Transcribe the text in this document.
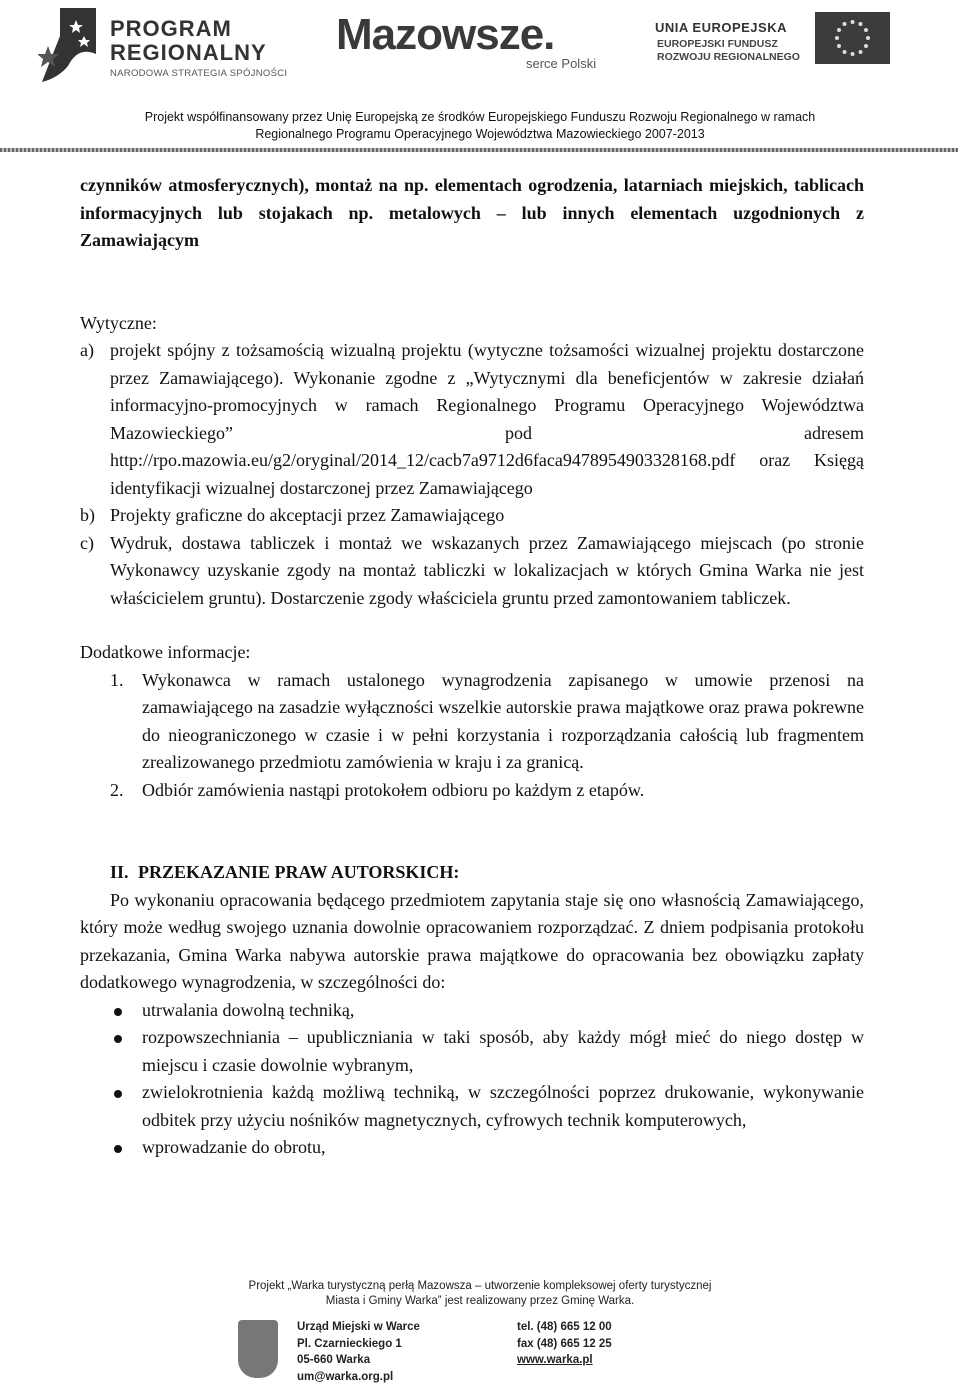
PROGRAM
REGIONALNY
NARODOWA STRATEGIA SPÓJNOŚCI
Mazowsze.
serce Polski
UNIA EUROPEJSKA
EUROPEJSKI FUNDUSZ
ROZWOJU REGIONALNEGO
Projekt współfinansowany przez Unię Europejską ze środków Europejskiego Funduszu Rozwoju Regionalnego w ramach
Regionalnego Programu Operacyjnego Województwa Mazowieckiego 2007-2013

czynników atmosferycznych), montaż na np. elementach ogrodzenia, latarniach miejskich, tablicach informacyjnych lub stojakach np. metalowych – lub innych elementach uzgodnionych z Zamawiającym

Wytyczne:

a) projekt spójny z tożsamością wizualną projektu (wytyczne tożsamości wizualnej projektu dostarczone przez Zamawiającego). Wykonanie zgodne z „Wytycznymi dla beneficjentów w zakresie działań informacyjno-promocyjnych w ramach Regionalnego Programu Operacyjnego Województwa Mazowieckiego” pod adresem http://rpo.mazowia.eu/g2/oryginal/2014_12/cacb7a9712d6faca9478954903328168.pdf oraz Księgą identyfikacji wizualnej dostarczonej przez Zamawiającego

b) Projekty graficzne do akceptacji przez Zamawiającego

c) Wydruk, dostawa tabliczek i montaż we wskazanych przez Zamawiającego miejscach (po stronie Wykonawcy uzyskanie zgody na montaż tabliczki w lokalizacjach w których Gmina Warka nie jest właścicielem gruntu). Dostarczenie zgody właściciela gruntu przed zamontowaniem tabliczek.

Dodatkowe informacje:

1. Wykonawca w ramach ustalonego wynagrodzenia zapisanego w umowie przenosi na zamawiającego na zasadzie wyłączności wszelkie autorskie prawa majątkowe oraz prawa pokrewne do nieograniczonego w czasie i w pełni korzystania i rozporządzania całością lub fragmentem zrealizowanego przedmiotu zamówienia w kraju i za granicą.

2. Odbiór zamówienia nastąpi protokołem odbioru po każdym z etapów.

II. PRZEKAZANIE PRAW AUTORSKICH:

Po wykonaniu opracowania będącego przedmiotem zapytania staje się ono własnością Zamawiającego, który może według swojego uznania dowolnie opracowaniem rozporządzać. Z dniem podpisania protokołu przekazania, Gmina Warka nabywa autorskie prawa majątkowe do opracowania bez obowiązku zapłaty dodatkowego wynagrodzenia, w szczególności do:

utrwalania dowolną techniką,

rozpowszechniania – upubliczniania w taki sposób, aby każdy mógł mieć do niego dostęp w miejscu i czasie dowolnie wybranym,

zwielokrotnienia każdą możliwą techniką, w szczególności poprzez drukowanie, wykonywanie odbitek przy użyciu nośników magnetycznych, cyfrowych technik komputerowych,

wprowadzanie do obrotu,

Projekt „Warka turystyczną perłą Mazowsza – utworzenie kompleksowej oferty turystycznej
Miasta i Gminy Warka” jest realizowany przez Gminę Warka.
Urząd Miejski w Warce
Pl. Czarnieckiego 1
05-660 Warka
um@warka.org.pl
tel. (48) 665 12 00
fax (48) 665 12 25
www.warka.pl
